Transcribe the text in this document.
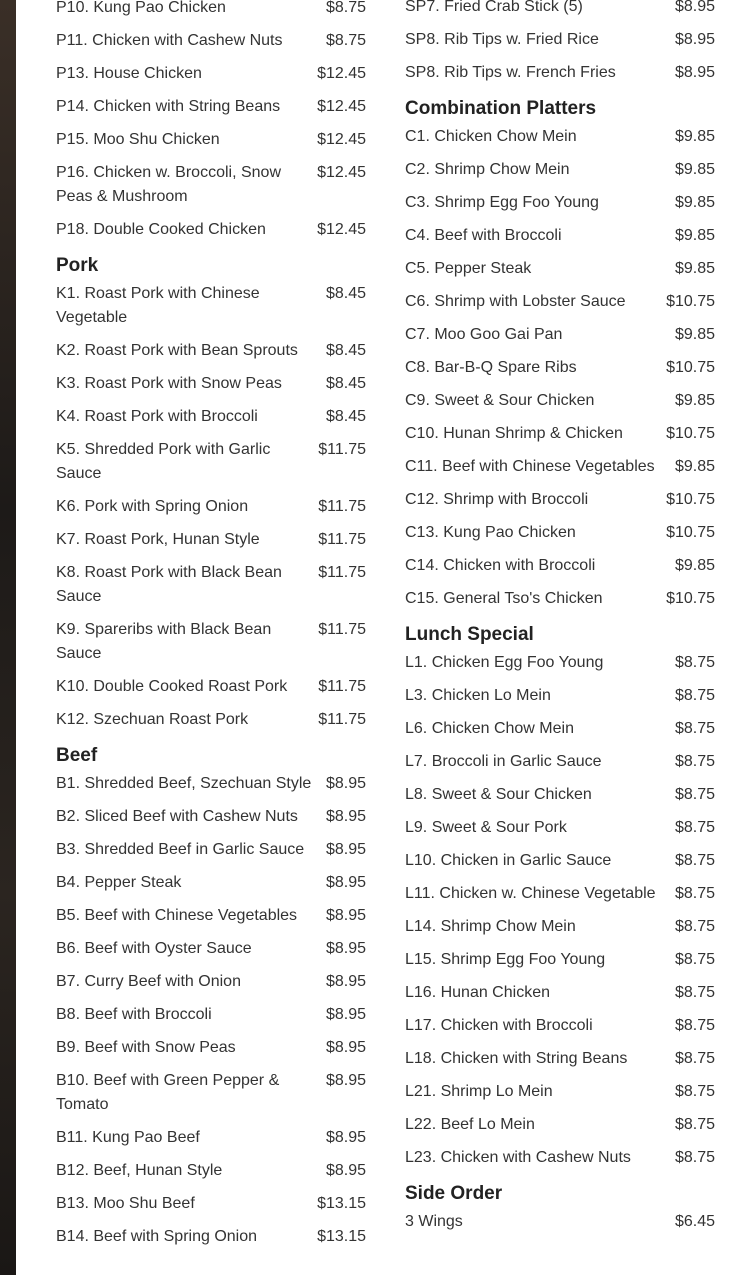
P10. Kung Pao Chicken	$8.75
P11. Chicken with Cashew Nuts	$8.75
P13. House Chicken	$12.45
P14. Chicken with String Beans	$12.45
P15. Moo Shu Chicken	$12.45
P16. Chicken w. Broccoli, Snow Peas & Mushroom
$12.45
P18. Double Cooked Chicken	$12.45
Pork
K1. Roast Pork with Chinese Vegetable
$8.45
K2. Roast Pork with Bean Sprouts	$8.45
K3. Roast Pork with Snow Peas	$8.45
K4. Roast Pork with Broccoli	$8.45
K5. Shredded Pork with Garlic Sauce
$11.75
K6. Pork with Spring Onion	$11.75
K7. Roast Pork, Hunan Style	$11.75
K8. Roast Pork with Black Bean Sauce
$11.75
K9. Spareribs with Black Bean Sauce
$11.75
K10. Double Cooked Roast Pork	$11.75
K12. Szechuan Roast Pork	$11.75
Beef
B1. Shredded Beef, Szechuan Style $8.95
B2. Sliced Beef with Cashew Nuts	$8.95
B3. Shredded Beef in Garlic Sauce	$8.95
B4. Pepper Steak	$8.95
B5. Beef with Chinese Vegetables	$8.95
B6. Beef with Oyster Sauce	$8.95
B7. Curry Beef with Onion	$8.95
B8. Beef with Broccoli	$8.95
B9. Beef with Snow Peas	$8.95
B10. Beef with Green Pepper & Tomato
$8.95
B11. Kung Pao Beef	$8.95
B12. Beef, Hunan Style	$8.95
B13. Moo Shu Beef	$13.15
B14. Beef with Spring Onion	$13.15
SP7. Fried Crab Stick (5)	$8.95
SP8. Rib Tips w. Fried Rice	$8.95
SP8. Rib Tips w. French Fries	$8.95
Combination Platters
C1. Chicken Chow Mein	$9.85
C2. Shrimp Chow Mein	$9.85
C3. Shrimp Egg Foo Young	$9.85
C4. Beef with Broccoli	$9.85
C5. Pepper Steak	$9.85
C6. Shrimp with Lobster Sauce	$10.75
C7. Moo Goo Gai Pan	$9.85
C8. Bar-B-Q Spare Ribs	$10.75
C9. Sweet & Sour Chicken	$9.85
C10. Hunan Shrimp & Chicken	$10.75
C11. Beef with Chinese Vegetables	$9.85
C12. Shrimp with Broccoli	$10.75
C13. Kung Pao Chicken	$10.75
C14. Chicken with Broccoli	$9.85
C15. General Tso's Chicken	$10.75
Lunch Special
L1. Chicken Egg Foo Young	$8.75
L3. Chicken Lo Mein	$8.75
L6. Chicken Chow Mein	$8.75
L7. Broccoli in Garlic Sauce	$8.75
L8. Sweet & Sour Chicken	$8.75
L9. Sweet & Sour Pork	$8.75
L10. Chicken in Garlic Sauce	$8.75
L11. Chicken w. Chinese Vegetable	$8.75
L14. Shrimp Chow Mein	$8.75
L15. Shrimp Egg Foo Young	$8.75
L16. Hunan Chicken	$8.75
L17. Chicken with Broccoli	$8.75
L18. Chicken with String Beans	$8.75
L21. Shrimp Lo Mein	$8.75
L22. Beef Lo Mein	$8.75
L23. Chicken with Cashew Nuts	$8.75
Side Order
3 Wings	$6.45
